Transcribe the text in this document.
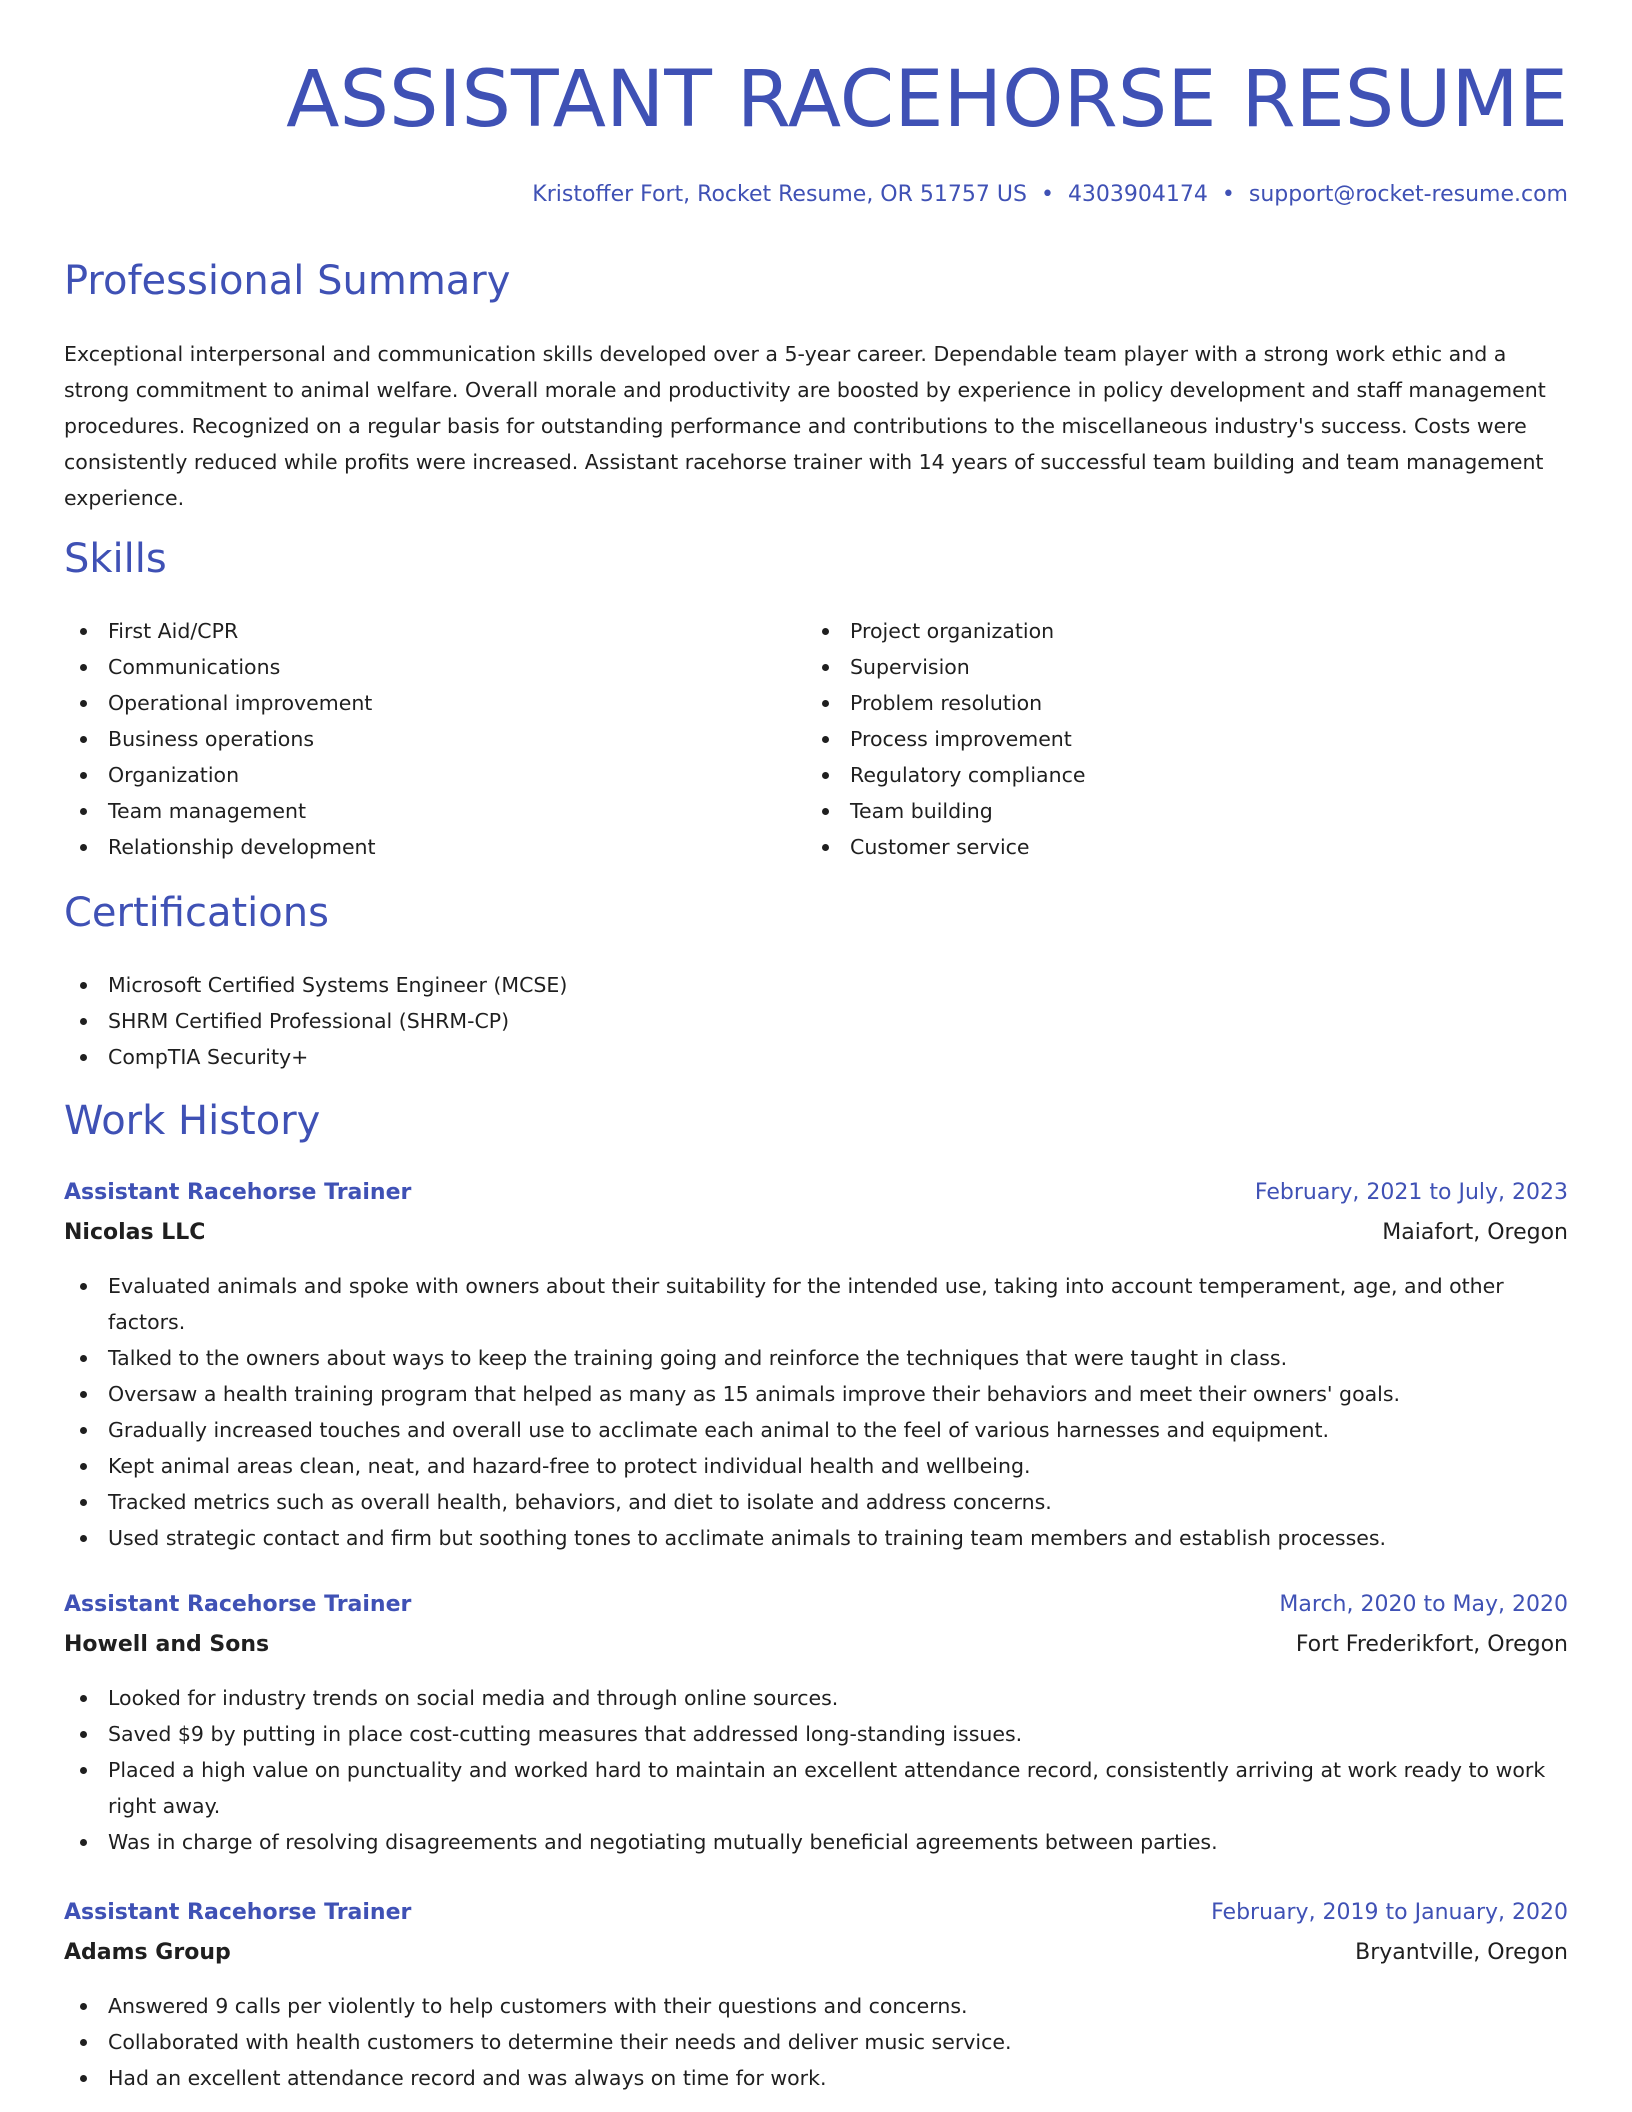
ASSISTANT RACEHORSE RESUME
Kristoffer Fort, Rocket Resume, OR 51757 US • 4303904174 • support@rocket-resume.com
Professional Summary

Exceptional interpersonal and communication skills developed over a 5-year career. Dependable team player with a strong work ethic and a strong commitment to animal welfare. Overall morale and productivity are boosted by experience in policy development and staff management procedures. Recognized on a regular basis for outstanding performance and contributions to the miscellaneous industry's success. Costs were consistently reduced while profits were increased. Assistant racehorse trainer with 14 years of successful team building and team management experience.

Skills
First Aid/CPR
Communications
Operational improvement
Business operations
Organization
Team management
Relationship development
Project organization
Supervision
Problem resolution
Process improvement
Regulatory compliance
Team building
Customer service
Certifications
Microsoft Certified Systems Engineer (MCSE)
SHRM Certified Professional (SHRM-CP)
CompTIA Security+
Work History
Assistant Racehorse Trainer	February, 2021 to July, 2023
Nicolas LLC	Maiafort, Oregon
Evaluated animals and spoke with owners about their suitability for the intended use, taking into account temperament, age, and other factors.
Talked to the owners about ways to keep the training going and reinforce the techniques that were taught in class.
Oversaw a health training program that helped as many as 15 animals improve their behaviors and meet their owners' goals.
Gradually increased touches and overall use to acclimate each animal to the feel of various harnesses and equipment.
Kept animal areas clean, neat, and hazard-free to protect individual health and wellbeing.
Tracked metrics such as overall health, behaviors, and diet to isolate and address concerns.
Used strategic contact and firm but soothing tones to acclimate animals to training team members and establish processes.
Assistant Racehorse Trainer	March, 2020 to May, 2020
Howell and Sons	Fort Frederikfort, Oregon
Looked for industry trends on social media and through online sources.
Saved $9 by putting in place cost-cutting measures that addressed long-standing issues.
Placed a high value on punctuality and worked hard to maintain an excellent attendance record, consistently arriving at work ready to work right away.
Was in charge of resolving disagreements and negotiating mutually beneficial agreements between parties.
Assistant Racehorse Trainer	February, 2019 to January, 2020
Adams Group	Bryantville, Oregon
Answered 9 calls per violently to help customers with their questions and concerns.
Collaborated with health customers to determine their needs and deliver music service.
Had an excellent attendance record and was always on time for work.
